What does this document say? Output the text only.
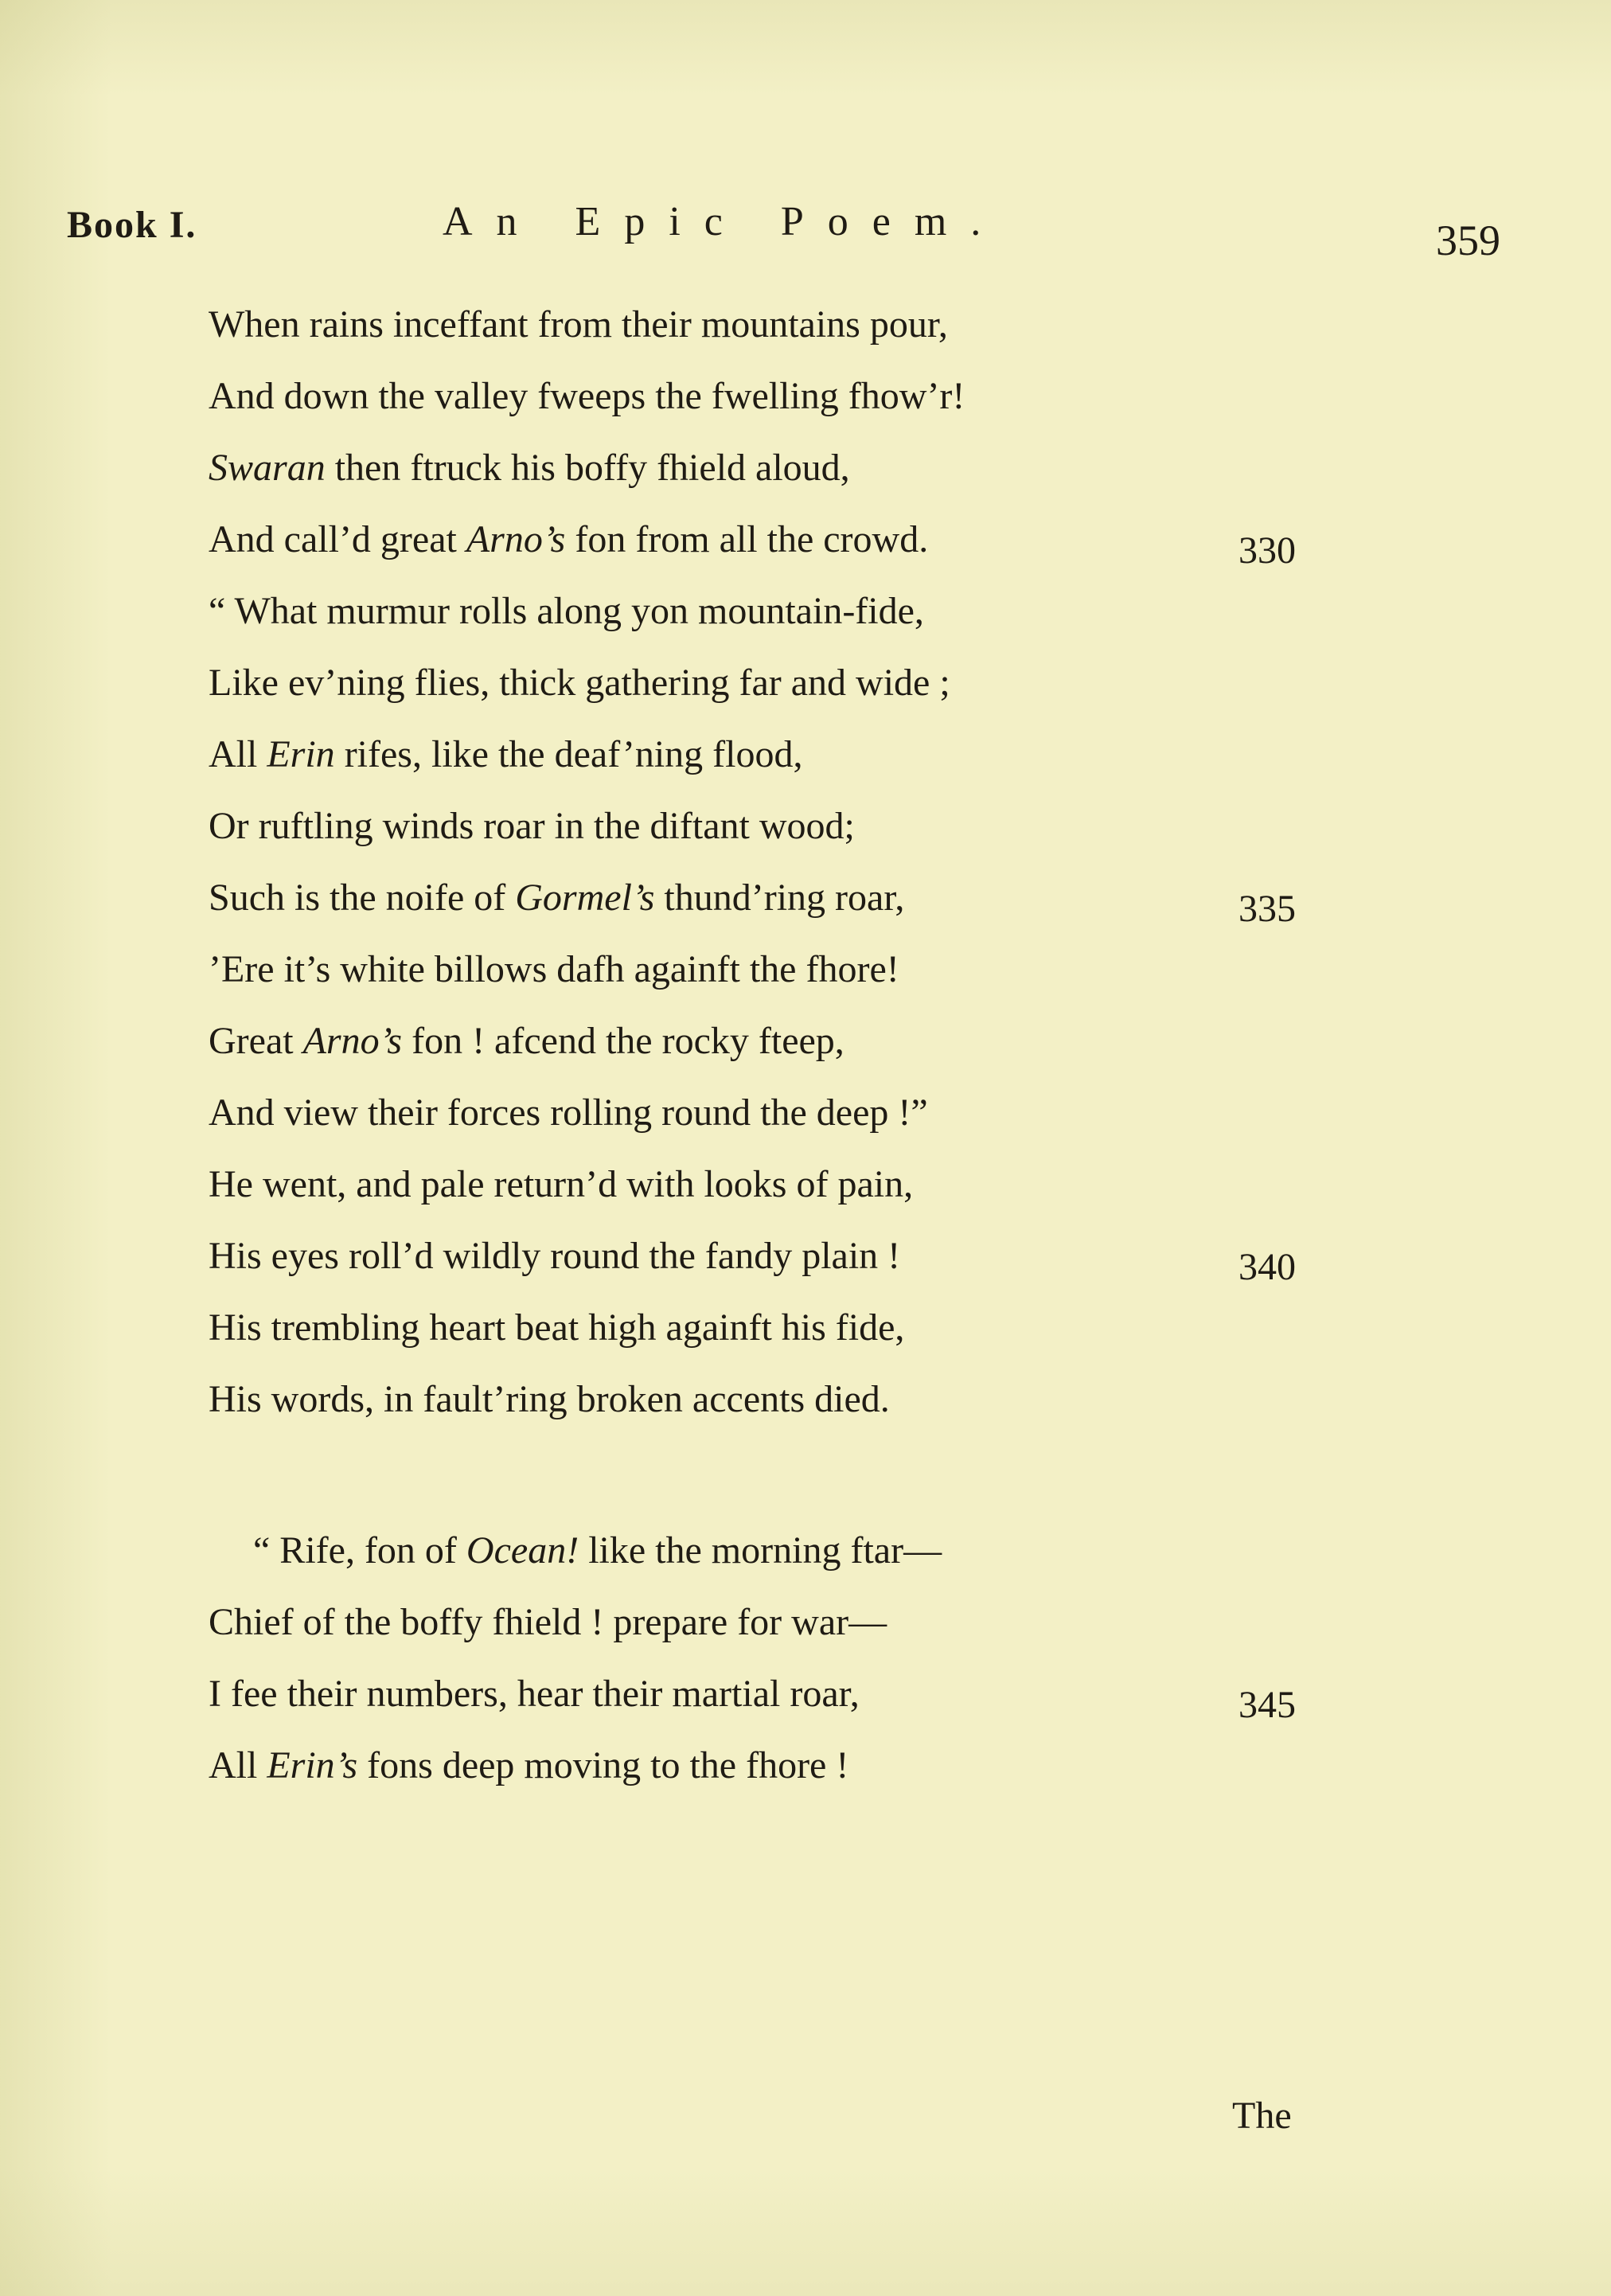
Book I.	An Epic Poem.	359
When rains inceffant from their mountains pour,
And down the valley fweeps the fwelling fhow’r!
Swaran then ftruck his boffy fhield aloud,
And call’d great Arno’s fon from all the crowd.	330
“ What murmur rolls along yon mountain-fide,
Like ev’ning flies, thick gathering far and wide ;
All Erin rifes, like the deaf’ning flood,
Or ruftling winds roar in the diftant wood;
Such is the noife of Gormel’s thund’ring roar,	335
’Ere it’s white billows dafh againft the fhore!
Great Arno’s fon ! afcend the rocky fteep,
And view their forces rolling round the deep !”
He went, and pale return’d with looks of pain,
His eyes roll’d wildly round the fandy plain !	340
His trembling heart beat high againft his fide,
His words, in fault’ring broken accents died.
“ Rife, fon of Ocean! like the morning ftar—
Chief of the boffy fhield ! prepare for war—
I fee their numbers, hear their martial roar,	345
All Erin’s fons deep moving to the fhore !
The
